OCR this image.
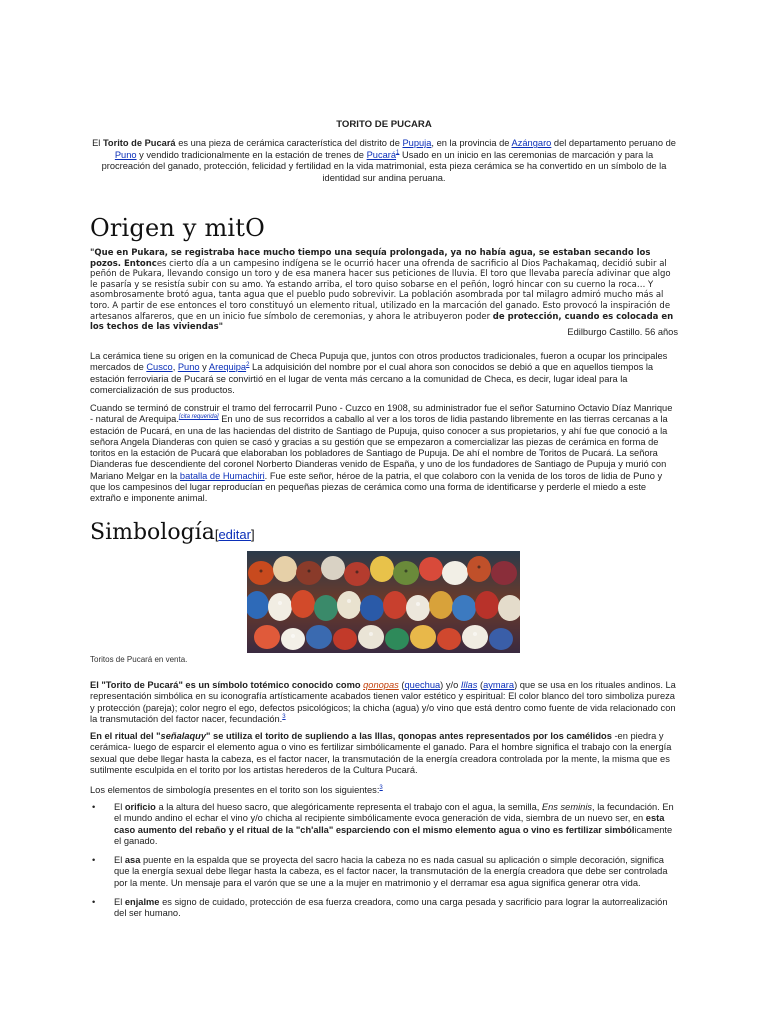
TORITO DE PUCARA
El Torito de Pucará es una pieza de cerámica característica del distrito de Pupuja, en la provincia de Azángaro del departamento peruano de Puno y vendido tradicionalmente en la estación de trenes de Pucará$^1$ Usado en un inicio en las ceremonias de marcación y para la procreación del ganado, protección, felicidad y fertilidad en la vida matrimonial, esta pieza cerámica se ha convertido en un símbolo de la identidad sur andina peruana.
Origen y mitO
"Que en Pukara, se registraba hace mucho tiempo una sequía prolongada, ya no había agua, se estaban secando los pozos. Entonces cierto día a un campesino indígena se le ocurrió hacer una ofrenda de sacrificio al Dios Pachakamaq, decidió subir al peñón de Pukara, llevando consigo un toro y de esa manera hacer sus peticiones de lluvia. El toro que llevaba parecía adivinar que algo le pasaría y se resistía subir con su amo. Ya estando arriba, el toro quiso sobarse en el peñón, logró hincar con su cuerno la roca… Y asombrosamente brotó agua, tanta agua que el pueblo pudo sobrevivir. La población asombrada por tal milagro admiró mucho más al toro. A partir de ese entonces el toro constituyó un elemento ritual, utilizado en la marcación del ganado. Esto provocó la inspiración de artesanos alfareros, que en un inicio fue símbolo de ceremonias, y ahora le atribuyeron poder de protección, cuando es colocada en los techos de las viviendas"	Edilburgo Castillo. 56 años
La cerámica tiene su origen en la comunicad de Checa Pupuja que, juntos con otros productos tradicionales, fueron a ocupar los principales mercados de Cusco, Puno y Arequipa$^2$ La adquisición del nombre por el cual ahora son conocidos se debió a que en aquellos tiempos la estación ferroviaria de Pucará se convirtió en el lugar de venta más cercano a la comunidad de Checa, es decir, lugar ideal para la comercialización de sus productos.
Cuando se terminó de construir el tramo del ferrocarril Puno - Cuzco en 1908, su administrador fue el señor Saturnino Octavio Díaz Manrique - natural de Arequipa.[cita requerida] En uno de sus recorridos a caballo al ver a los toros de lidia pastando libremente en las tierras cercanas a la estación de Pucará, en una de las haciendas del distrito de Santiago de Pupuja, quiso conocer a sus propietarios, y ahí fue que conoció a la señora Angela Dianderas con quien se casó y gracias a su gestión que se empezaron a comercializar las piezas de cerámica en forma de toritos en la estación de Pucará que elaboraban los pobladores de Santiago de Pupuja. De ahí el nombre de Toritos de Pucará. La señora Dianderas fue descendiente del coronel Norberto Dianderas venido de España, y uno de los fundadores de Santiago de Pupuja y murió con Mariano Melgar en la batalla de Humachiri. Fue este señor, héroe de la patria, el que colaboro con la venida de los toros de lidia de Puno y que los campesinos del lugar reproducían en pequeñas piezas de cerámica como una forma de identificarse y perderle el miedo a este extraño e imponente animal.
Simbología[editar]
Toritos de Pucará en venta.
El "Torito de Pucará" es un símbolo totémico conocido como qonopas (quechua) y/o Illas (aymara) que se usa en los rituales andinos. La representación simbólica en su iconografía artísticamente acabados tienen valor estético y espiritual: El color blanco del toro simboliza pureza y protección (pareja); color negro el ego, defectos psicológicos; la chicha (agua) y/o vino que está dentro como fuente de vida relacionado con la transmutación del factor nacer, fecundación.$^3$
En el ritual del "señalaquy" se utiliza el torito de supliendo a las Illas, qonopas antes representados por los camélidos -en piedra y cerámica- luego de esparcir el elemento agua o vino es fertilizar simbólicamente el ganado. Para el hombre significa el trabajo con la energía sexual que debe llegar hasta la cabeza, es el factor nacer, la transmutación de la energía creadora controlada por la mente, la misma que es sutilmente esculpida en el torito por los artistas herederos de la Cultura Pucará.
Los elementos de simbología presentes en el torito son los siguientes:$^3$
• El orificio a la altura del hueso sacro, que alegóricamente representa el trabajo con el agua, la semilla, Ens seminis, la fecundación. En el mundo andino el echar el vino y/o chicha al recipiente simbólicamente evoca generación de vida, siembra de un nuevo ser, en esta caso aumento del rebaño y el ritual de la "ch'alla" esparciendo con el mismo elemento agua o vino es fertilizar simbólicamente el ganado.
• El asa puente en la espalda que se proyecta del sacro hacia la cabeza no es nada casual su aplicación o simple decoración, significa que la energía sexual debe llegar hasta la cabeza, es el factor nacer, la transmutación de la energía creadora que debe ser controlada por la mente. Un mensaje para el varón que se une a la mujer en matrimonio y el derramar esa agua significa generar otra vida.
• El enjalme es signo de cuidado, protección de esa fuerza creadora, como una carga pesada y sacrificio para lograr la autorrealización del ser humano.
